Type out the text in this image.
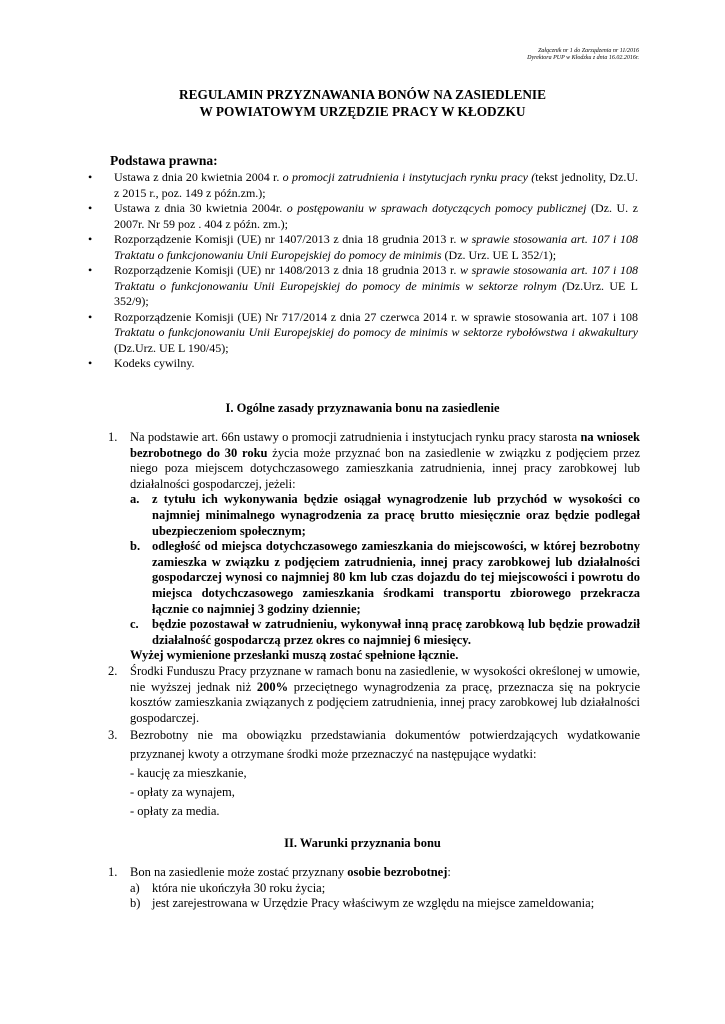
Załącznik nr 1 do Zarządzenia nr 11/2016
Dyrektora PUP w Kłodzku z dnia 16.02.2016r.
REGULAMIN PRZYZNAWANIA BONÓW NA ZASIEDLENIE
W POWIATOWYM URZĘDZIE PRACY W KŁODZKU
Podstawa prawna:
• Ustawa z dnia 20 kwietnia 2004 r. o promocji zatrudnienia i instytucjach rynku pracy (tekst jednolity, Dz.U. z 2015 r., poz. 149 z późn.zm.);
• Ustawa z dnia 30 kwietnia 2004r. o postępowaniu w sprawach dotyczących pomocy publicznej (Dz. U. z 2007r. Nr 59 poz . 404 z późn. zm.);
• Rozporządzenie Komisji (UE) nr 1407/2013 z dnia 18 grudnia 2013 r. w sprawie stosowania art. 107 i 108 Traktatu o funkcjonowaniu Unii Europejskiej do pomocy de minimis (Dz. Urz. UE L 352/1);
• Rozporządzenie Komisji (UE) nr 1408/2013 z dnia 18 grudnia 2013 r. w sprawie stosowania art. 107 i 108 Traktatu o funkcjonowaniu Unii Europejskiej do pomocy de minimis w sektorze rolnym (Dz.Urz. UE L 352/9);
• Rozporządzenie Komisji (UE) Nr 717/2014 z dnia 27 czerwca 2014 r. w sprawie stosowania art. 107 i 108 Traktatu o funkcjonowaniu Unii Europejskiej do pomocy de minimis w sektorze rybołówstwa i akwakultury (Dz.Urz. UE L 190/45);
• Kodeks cywilny.
I. Ogólne zasady przyznawania bonu na zasiedlenie
1. Na podstawie art. 66n ustawy o promocji zatrudnienia i instytucjach rynku pracy starosta na wniosek bezrobotnego do 30 roku życia może przyznać bon na zasiedlenie w związku z podjęciem przez niego poza miejscem dotychczasowego zamieszkania zatrudnienia, innej pracy zarobkowej lub działalności gospodarczej, jeżeli:
a. z tytułu ich wykonywania będzie osiągał wynagrodzenie lub przychód w wysokości co najmniej minimalnego wynagrodzenia za pracę brutto miesięcznie oraz będzie podlegał ubezpieczeniom społecznym;
b. odległość od miejsca dotychczasowego zamieszkania do miejscowości, w której bezrobotny zamieszka w związku z podjęciem zatrudnienia, innej pracy zarobkowej lub działalności gospodarczej wynosi co najmniej 80 km lub czas dojazdu do tej miejscowości i powrotu do miejsca dotychczasowego zamieszkania środkami transportu zbiorowego przekracza łącznie co najmniej 3 godziny dziennie;
c. będzie pozostawał w zatrudnieniu, wykonywał inną pracę zarobkową lub będzie prowadził działalność gospodarczą przez okres co najmniej 6 miesięcy.
Wyżej wymienione przesłanki muszą zostać spełnione łącznie.
2. Środki Funduszu Pracy przyznane w ramach bonu na zasiedlenie, w wysokości określonej w umowie, nie wyższej jednak niż 200% przeciętnego wynagrodzenia za pracę, przeznacza się na pokrycie kosztów zamieszkania związanych z podjęciem zatrudnienia, innej pracy zarobkowej lub działalności gospodarczej.
3. Bezrobotny nie ma obowiązku przedstawiania dokumentów potwierdzających wydatkowanie przyznanej kwoty a otrzymane środki może przeznaczyć na następujące wydatki:
- kaucję za mieszkanie,
- opłaty za wynajem,
- opłaty za media.
II. Warunki przyznania bonu
1. Bon na zasiedlenie może zostać przyznany osobie bezrobotnej:
a) która nie ukończyła 30 roku życia;
b) jest zarejestrowana w Urzędzie Pracy właściwym ze względu na miejsce zameldowania;
